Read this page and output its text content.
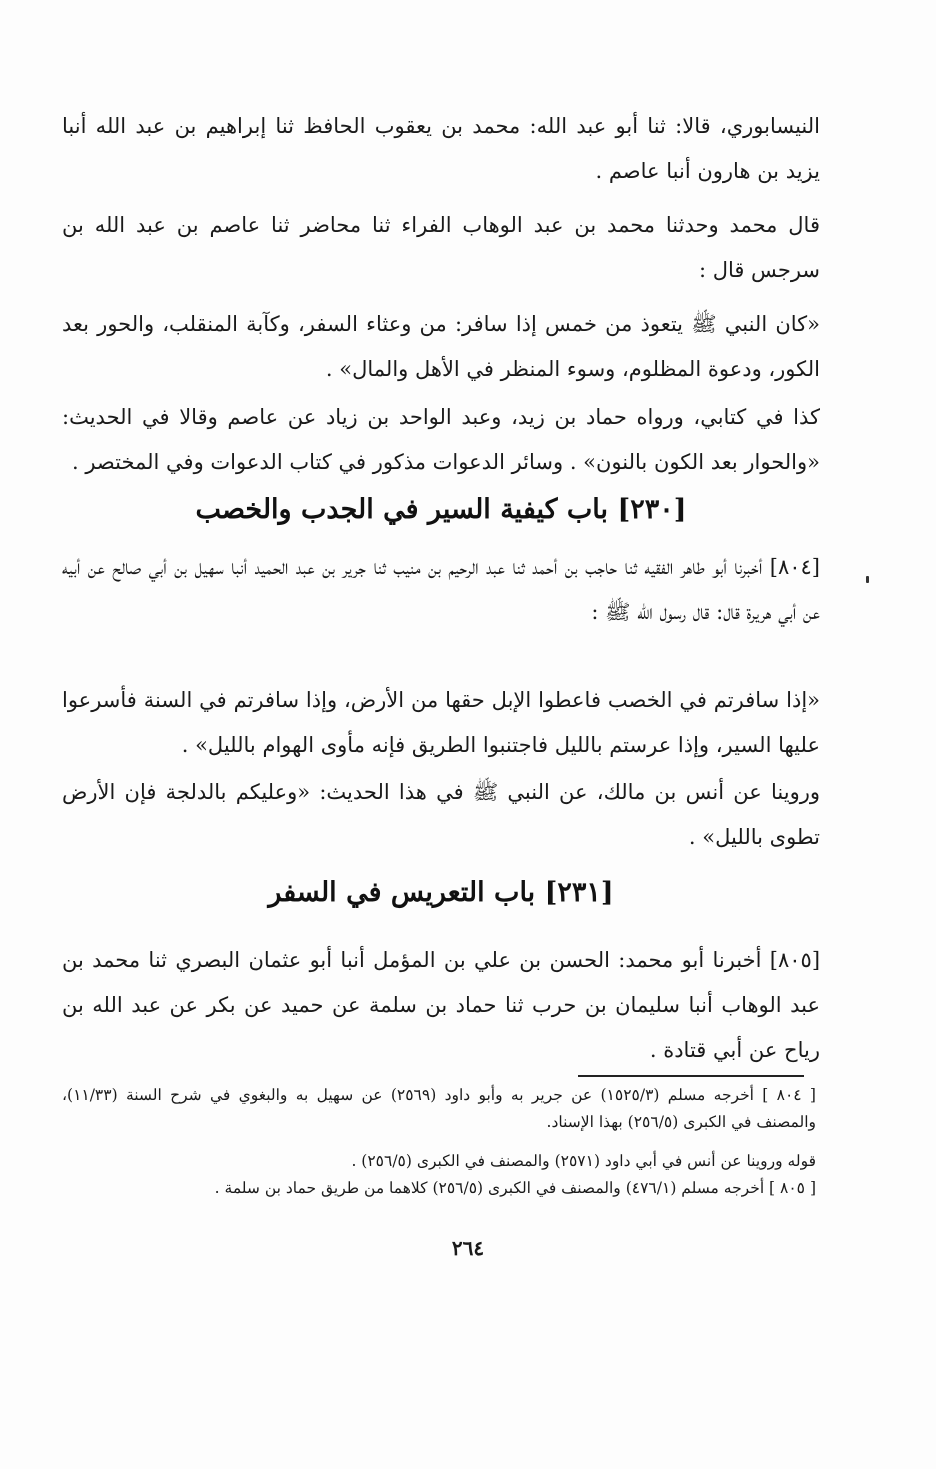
النيسابوري، قالا: ثنا أبو عبد الله: محمد بن يعقوب الحافظ ثنا إبراهيم بن عبد الله أنبا يزيد بن هارون أنبا عاصم .

قال محمد وحدثنا محمد بن عبد الوهاب الفراء ثنا محاضر ثنا عاصم بن عبد الله بن سرجس قال :

«كان النبي ﷺ يتعوذ من خمس إذا سافر: من وعثاء السفر، وكآبة المنقلب، والحور بعد الكور، ودعوة المظلوم، وسوء المنظر في الأهل والمال» .

كذا في كتابي، ورواه حماد بن زيد، وعبد الواحد بن زياد عن عاصم وقالا في الحديث: «والحوار بعد الكون بالنون» . وسائر الدعوات مذكور في كتاب الدعوات وفي المختصر .

[٢٣٠] باب كيفية السير في الجدب والخصب

[٨٠٤] أخبرنا أبو طاهر الفقيه ثنا حاجب بن أحمد ثنا عبد الرحيم بن منيب ثنا جرير بن عبد الحميد أنبا سهيل بن أبي صالح عن أبيه عن أبي هريرة قال: قال رسول الله ﷺ :

«إذا سافرتم في الخصب فاعطوا الإبل حقها من الأرض، وإذا سافرتم في السنة فأسرعوا عليها السير، وإذا عرستم بالليل فاجتنبوا الطريق فإنه مأوى الهوام بالليل» .

وروينا عن أنس بن مالك، عن النبي ﷺ في هذا الحديث: «وعليكم بالدلجة فإن الأرض تطوى بالليل» .

[٢٣١] باب التعريس في السفر

[٨٠٥] أخبرنا أبو محمد: الحسن بن علي بن المؤمل أنبا أبو عثمان البصري ثنا محمد بن عبد الوهاب أنبا سليمان بن حرب ثنا حماد بن سلمة عن حميد عن بكر عن عبد الله بن رياح عن أبي قتادة .

[ ٨٠٤ ] أخرجه مسلم (١٥٢٥/٣) عن جرير به وأبو داود (٢٥٦٩) عن سهيل به والبغوي في شرح السنة (١١/٣٣)، والمصنف في الكبرى (٢٥٦/٥) بهذا الإسناد.

قوله وروينا عن أنس في أبي داود (٢٥٧١) والمصنف في الكبرى (٢٥٦/٥) .

[ ٨٠٥ ] أخرجه مسلم (٤٧٦/١) والمصنف في الكبرى (٢٥٦/٥) كلاهما من طريق حماد بن سلمة .

٢٦٤
